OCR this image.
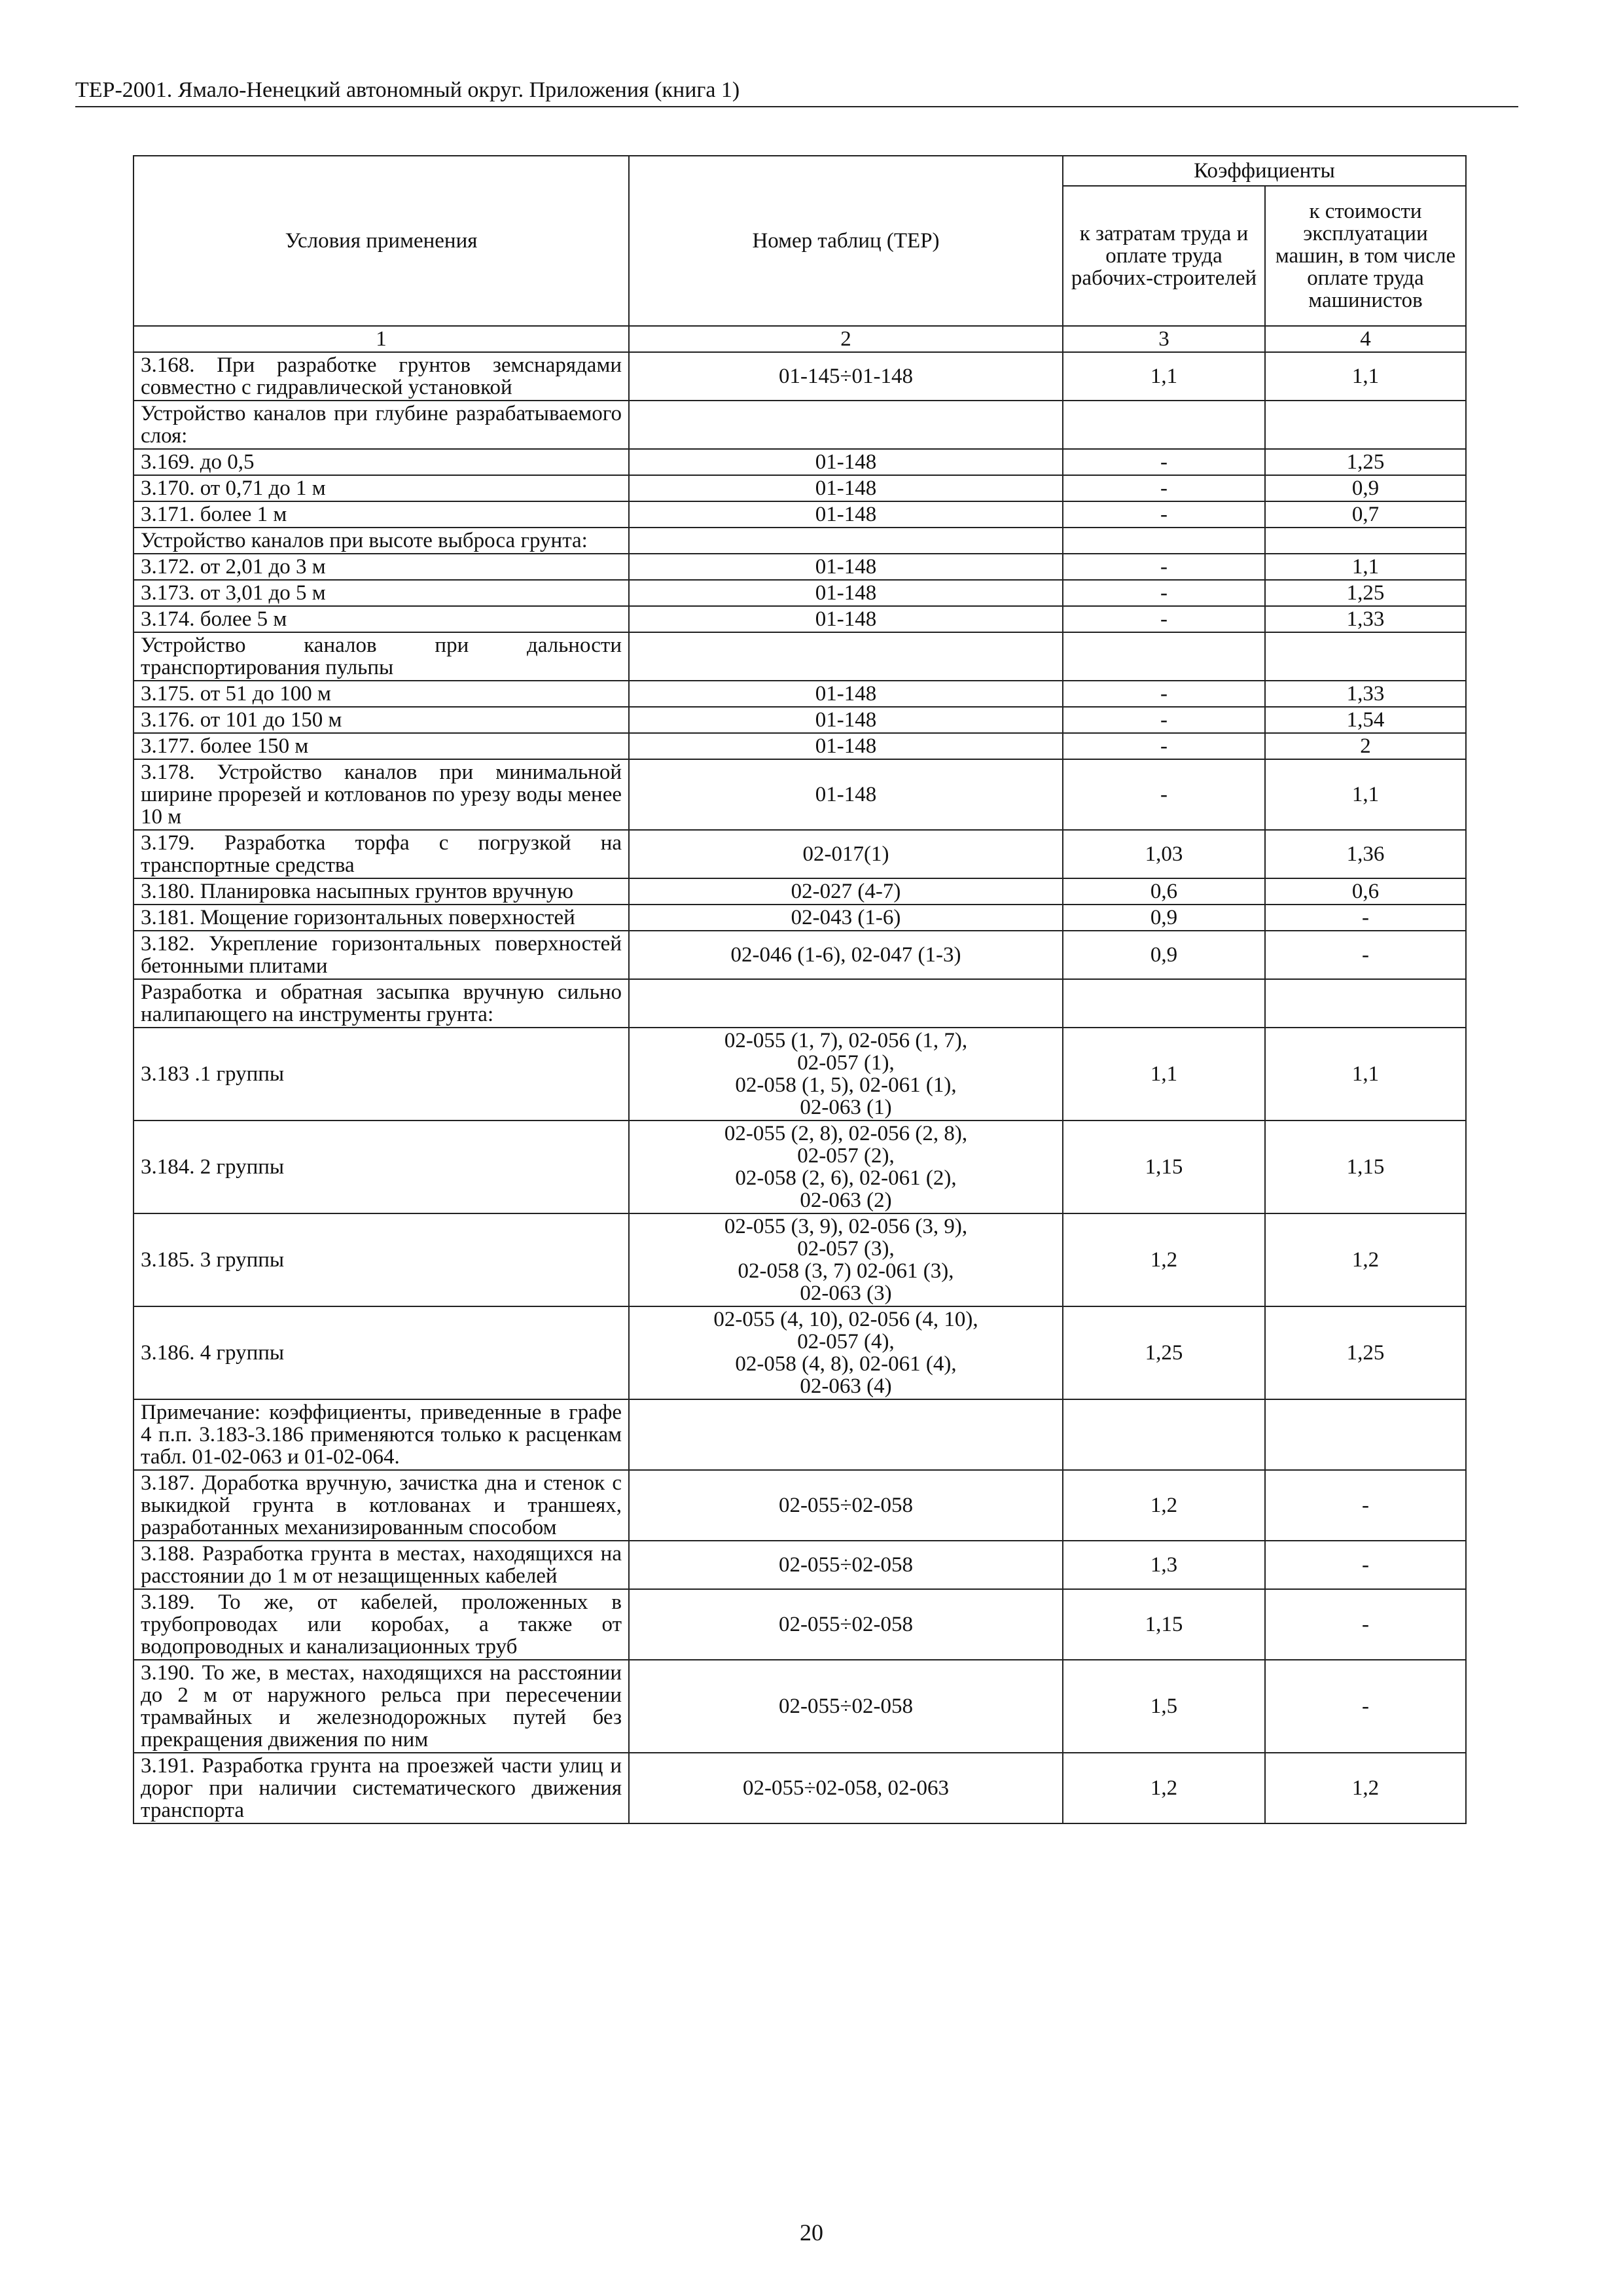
ТЕР-2001. Ямало-Ненецкий автономный округ. Приложения (книга 1)
Условия применения	Номер таблиц (ТЕР)	Коэффициенты	
		к затратам труда и оплате труда рабочих-строителей	к стоимости эксплуатации машин, в том числе оплате труда машинистов
1	2	3	4
3.168. При разработке грунтов земснарядами совместно с гидравлической установкой	01-145÷01-148	1,1	1,1
Устройство каналов при глубине разрабатываемого слоя:	

3.169. до 0,5	01-148	-	1,25
3.170. от 0,71 до 1 м	01-148	-	0,9
3.171. более 1 м	01-148	-	0,7
Устройство каналов при высоте выброса грунта:	

3.172. от 2,01 до 3 м	01-148	-	1,1
3.173. от 3,01 до 5 м	01-148	-	1,25
3.174. более 5 м	01-148	-	1,33
Устройство каналов при дальности транспортирования пульпы	

3.175. от 51 до 100 м	01-148	-	1,33
3.176. от 101 до 150 м	01-148	-	1,54
3.177. более 150 м	01-148	-	2
3.178. Устройство каналов при минимальной ширине прорезей и котлованов по урезу воды менее 10 м	01-148	-	1,1
3.179. Разработка торфа с погрузкой на транспортные средства	02-017(1)	1,03	1,36
3.180. Планировка насыпных грунтов вручную	02-027 (4-7)	0,6	0,6
3.181. Мощение горизонтальных поверхностей	02-043 (1-6)	0,9	-
3.182. Укрепление горизонтальных поверхностей бетонными плитами	02-046 (1-6), 02-047 (1-3)	0,9	-
Разработка и обратная засыпка вручную сильно налипающего на инструменты грунта:	

3.183 .1 группы	02-055 (1, 7), 02-056 (1, 7),
02-057 (1),
02-058 (1, 5), 02-061 (1),
02-063 (1)	1,1	1,1
3.184. 2 группы	02-055 (2, 8), 02-056 (2, 8),
02-057 (2),
02-058 (2, 6), 02-061 (2),
02-063 (2)	1,15	1,15
3.185. 3 группы	02-055 (3, 9), 02-056 (3, 9),
02-057 (3),
02-058 (3, 7) 02-061 (3),
02-063 (3)	1,2	1,2
3.186. 4 группы	02-055 (4, 10), 02-056 (4, 10),
02-057 (4),
02-058 (4, 8), 02-061 (4),
02-063 (4)	1,25	1,25
Примечание: коэффициенты, приведенные в графе 4 п.п. 3.183-3.186 применяются только к расценкам табл. 01-02-063 и 01-02-064.	

3.187. Доработка вручную, зачистка дна и стенок с выкидкой грунта в котлованах и траншеях, разработанных механизированным способом	02-055÷02-058	1,2	-
3.188. Разработка грунта в местах, находящихся на расстоянии до 1 м от незащищенных кабелей	02-055÷02-058	1,3	-
3.189. То же, от кабелей, проложенных в трубопроводах или коробах, а также от водопроводных и канализационных труб	02-055÷02-058	1,15	-
3.190. То же, в местах, находящихся на расстоянии до 2 м от наружного рельса при пересечении трамвайных и железнодорожных путей без прекращения движения по ним	02-055÷02-058	1,5	-
3.191. Разработка грунта на проезжей части улиц и дорог при наличии систематического движения транспорта	02-055÷02-058, 02-063	1,2	1,2
20
